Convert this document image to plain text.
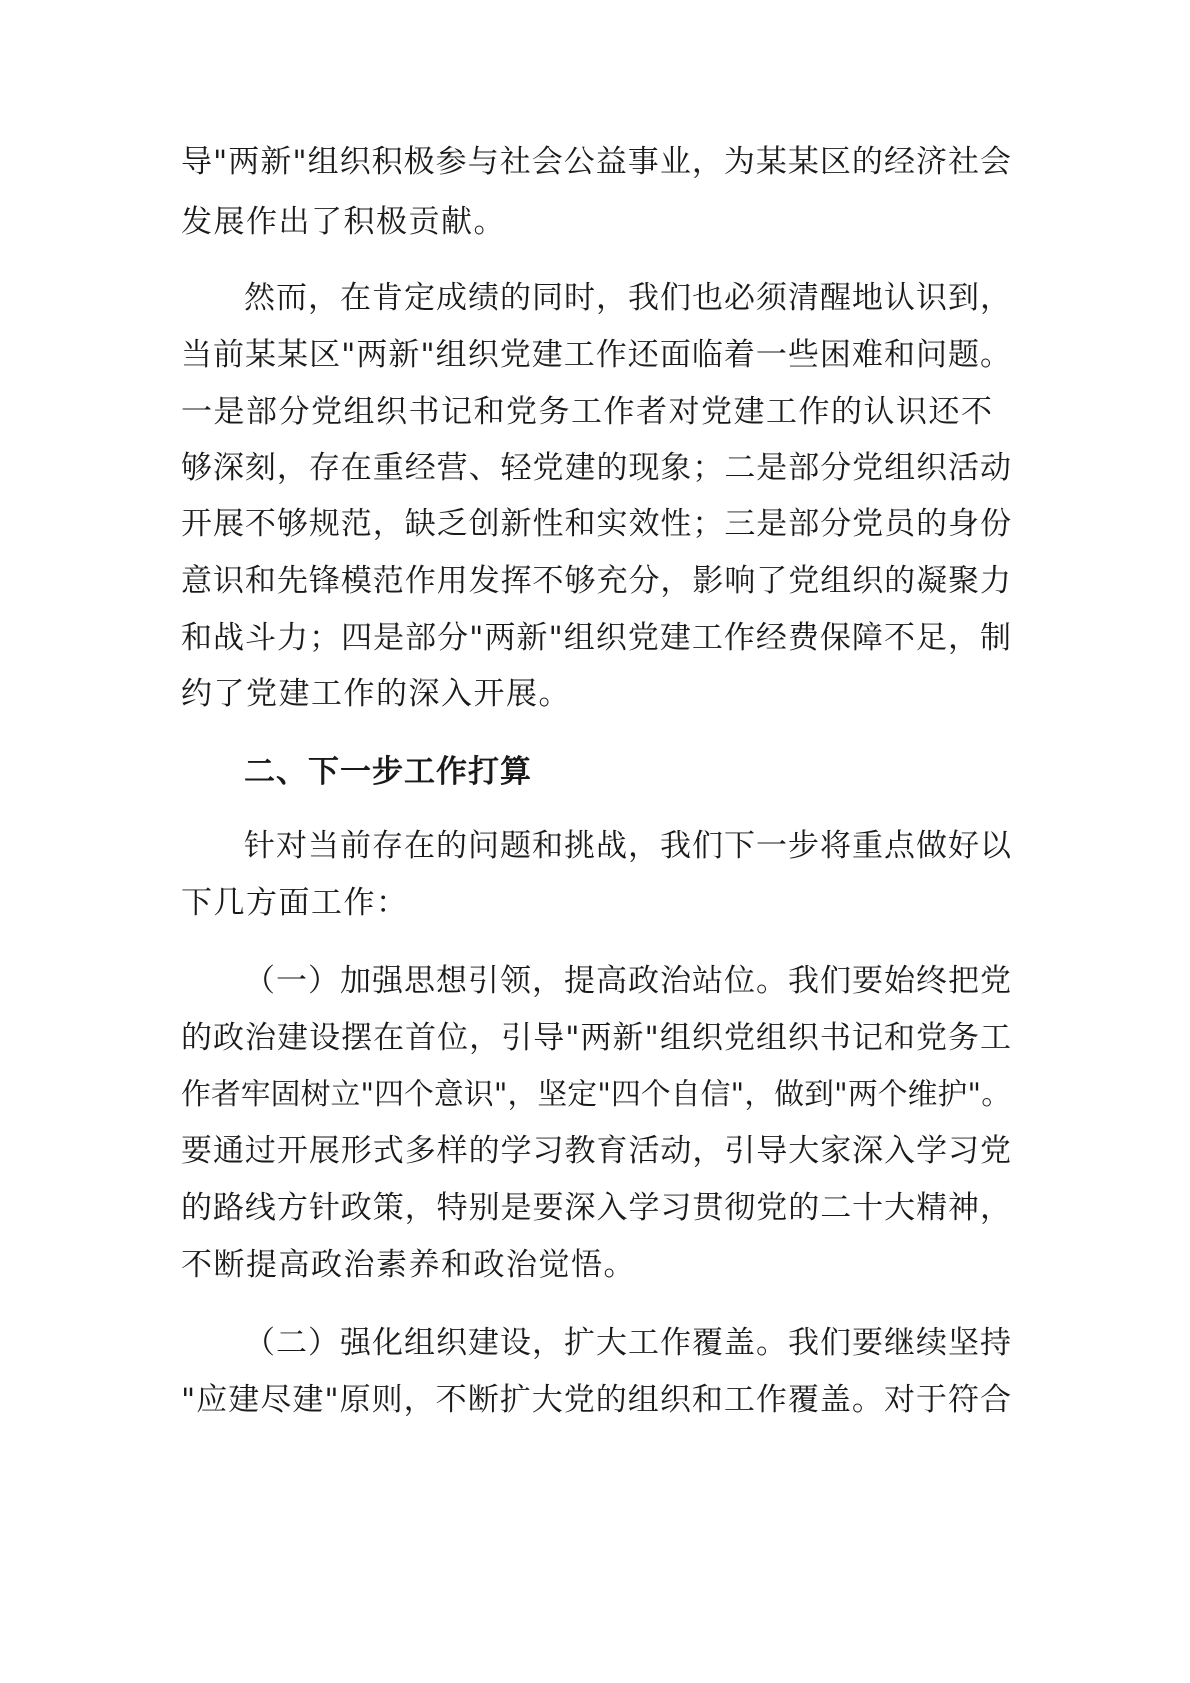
导"两新"组织积极参与社会公益事业，为某某区的经济社会
发展作出了积极贡献。
然而，在肯定成绩的同时，我们也必须清醒地认识到，
当前某某区"两新"组织党建工作还面临着一些困难和问题。
一是部分党组织书记和党务工作者对党建工作的认识还不
够深刻，存在重经营、轻党建的现象；二是部分党组织活动
开展不够规范，缺乏创新性和实效性；三是部分党员的身份
意识和先锋模范作用发挥不够充分，影响了党组织的凝聚力
和战斗力；四是部分"两新"组织党建工作经费保障不足，制
约了党建工作的深入开展。
二、下一步工作打算
针对当前存在的问题和挑战，我们下一步将重点做好以
下几方面工作：
（一）加强思想引领，提高政治站位。我们要始终把党
的政治建设摆在首位，引导"两新"组织党组织书记和党务工
作者牢固树立"四个意识"，坚定"四个自信"，做到"两个维护"。
要通过开展形式多样的学习教育活动，引导大家深入学习党
的路线方针政策，特别是要深入学习贯彻党的二十大精神，
不断提高政治素养和政治觉悟。
（二）强化组织建设，扩大工作覆盖。我们要继续坚持
"应建尽建"原则，不断扩大党的组织和工作覆盖。对于符合
